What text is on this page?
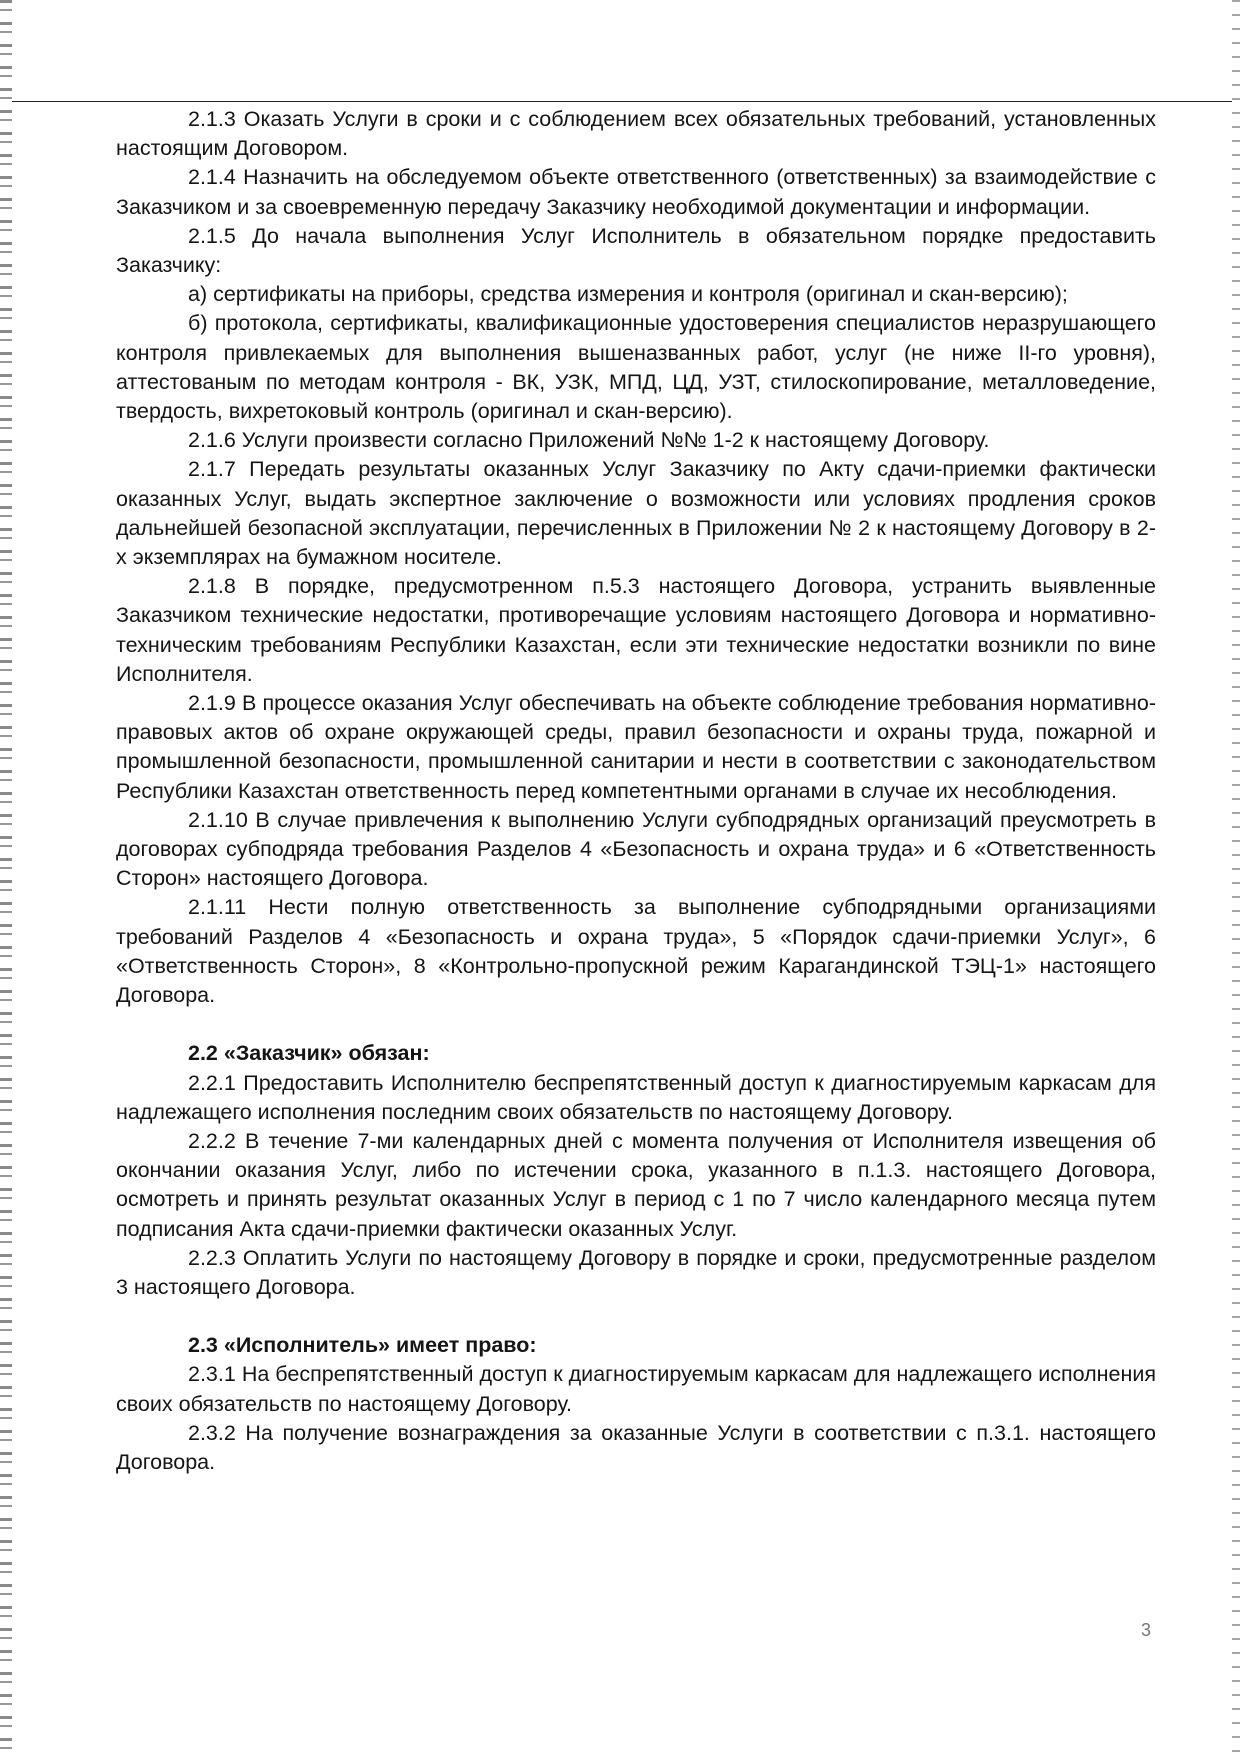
2.1.3 Оказать Услуги в сроки и с соблюдением всех обязательных требований, установленных настоящим Договором.

2.1.4 Назначить на обследуемом объекте ответственного (ответственных) за взаимодействие с Заказчиком и за своевременную передачу Заказчику необходимой документации и информации.

2.1.5 До начала выполнения Услуг Исполнитель в обязательном порядке предоставить Заказчику:

а) сертификаты на приборы, средства измерения и контроля (оригинал и скан-версию);

б) протокола, сертификаты, квалификационные удостоверения специалистов неразрушающего контроля привлекаемых для выполнения вышеназванных работ, услуг (не ниже II-го уровня), аттестованым по методам контроля - ВК, УЗК, МПД, ЦД, УЗТ, стилоскопирование, металловедение, твердость, вихретоковый контроль (оригинал и скан-версию).

2.1.6 Услуги произвести согласно Приложений №№ 1-2 к настоящему Договору.

2.1.7 Передать результаты оказанных Услуг Заказчику по Акту сдачи-приемки фактически оказанных Услуг, выдать экспертное заключение о возможности или условиях продления сроков дальнейшей безопасной эксплуатации, перечисленных в Приложении № 2 к настоящему Договору в 2-х экземплярах на бумажном носителе.

2.1.8 В порядке, предусмотренном п.5.3 настоящего Договора, устранить выявленные Заказчиком технические недостатки, противоречащие условиям настоящего Договора и нормативно-техническим требованиям Республики Казахстан, если эти технические недостатки возникли по вине Исполнителя.

2.1.9 В процессе оказания Услуг обеспечивать на объекте соблюдение требования нормативно-правовых актов об охране окружающей среды, правил безопасности и охраны труда, пожарной и промышленной безопасности, промышленной санитарии и нести в соответствии с законодательством Республики Казахстан ответственность перед компетентными органами в случае их несоблюдения.

2.1.10 В случае привлечения к выполнению Услуги субподрядных организаций преусмотреть в договорах субподряда требования Разделов 4 «Безопасность и охрана труда» и 6 «Ответственность Сторон» настоящего Договора.

2.1.11 Нести полную ответственность за выполнение субподрядными организациями требований Разделов 4 «Безопасность и охрана труда», 5 «Порядок сдачи-приемки Услуг», 6 «Ответственность Сторон», 8 «Контрольно-пропускной режим Карагандинской ТЭЦ-1» настоящего Договора.

2.2 «Заказчик» обязан:

2.2.1 Предоставить Исполнителю беспрепятственный доступ к диагностируемым каркасам для надлежащего исполнения последним своих обязательств по настоящему Договору.

2.2.2 В течение 7-ми календарных дней с момента получения от Исполнителя извещения об окончании оказания Услуг, либо по истечении срока, указанного в п.1.3. настоящего Договора, осмотреть и принять результат оказанных Услуг в период с 1 по 7 число календарного месяца путем подписания Акта сдачи-приемки фактически оказанных Услуг.

2.2.3 Оплатить Услуги по настоящему Договору в порядке и сроки, предусмотренные разделом 3 настоящего Договора.

2.3 «Исполнитель» имеет право:

2.3.1 На беспрепятственный доступ к диагностируемым каркасам для надлежащего исполнения своих обязательств по настоящему Договору.

2.3.2 На получение вознаграждения за оказанные Услуги в соответствии с п.3.1. настоящего Договора.

3
